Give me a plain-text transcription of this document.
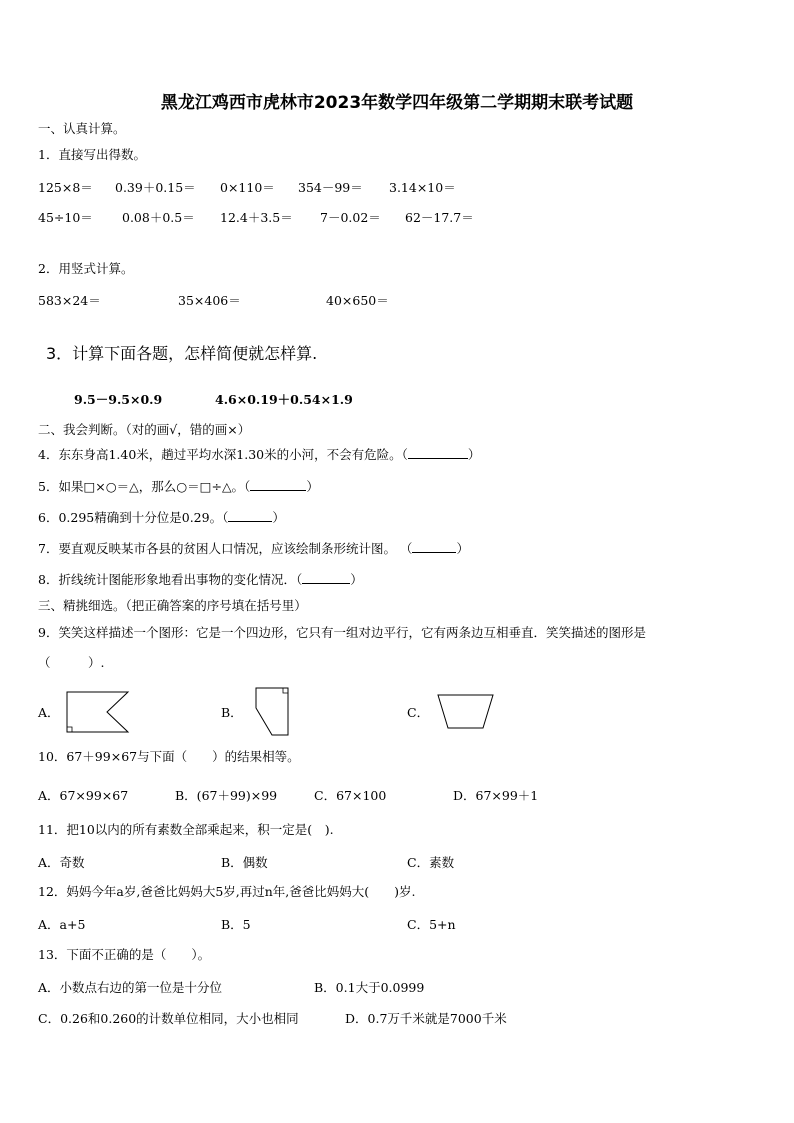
黑龙江鸡西市虎林市2023年数学四年级第二学期期末联考试题
一、认真计算。
1．直接写出得数。
125×8＝ 0.39＋0.15＝ 0×110＝ 354－99＝ 3.14×10＝
45÷10＝ 0.08＋0.5＝ 12.4＋3.5＝ 7－0.02＝ 62－17.7＝
2．用竖式计算。
583×24＝	35×406＝	40×650＝
3．计算下面各题，怎样简便就怎样算.
9.5－9.5×0.9	4.6×0.19＋0.54×1.9
二、我会判断。（对的画√，错的画×）
4．东东身高1.40米，趟过平均水深1.30米的小河，不会有危险。（	）
5．如果□×○＝△，那么○＝□÷△。（	）
6．0.295精确到十分位是0.29。（	）
7．要直观反映某市各县的贫困人口情况，应该绘制条形统计图。 （	）
8．折线统计图能形象地看出事物的变化情况．（	）
三、精挑细选。（把正确答案的序号填在括号里）
9．笑笑这样描述一个图形：它是一个四边形，它只有一组对边平行，它有两条边互相垂直．笑笑描述的图形是
（　　　）.
A．	B．	C．
10．67＋99×67与下面（　　）的结果相等。
A．67×99×67	B．(67＋99)×99	C．67×100	D．67×99＋1
11．把10以内的所有素数全部乘起来，积一定是(　).
A．奇数	B．偶数	C．素数
12．妈妈今年a岁,爸爸比妈妈大5岁,再过n年,爸爸比妈妈大(　　)岁.
A．a+5	B．5	C．5+n
13．下面不正确的是（　　）。
A．小数点右边的第一位是十分位	B．0.1大于0.0999
C．0.26和0.260的计数单位相同，大小也相同	D．0.7万千米就是7000千米
